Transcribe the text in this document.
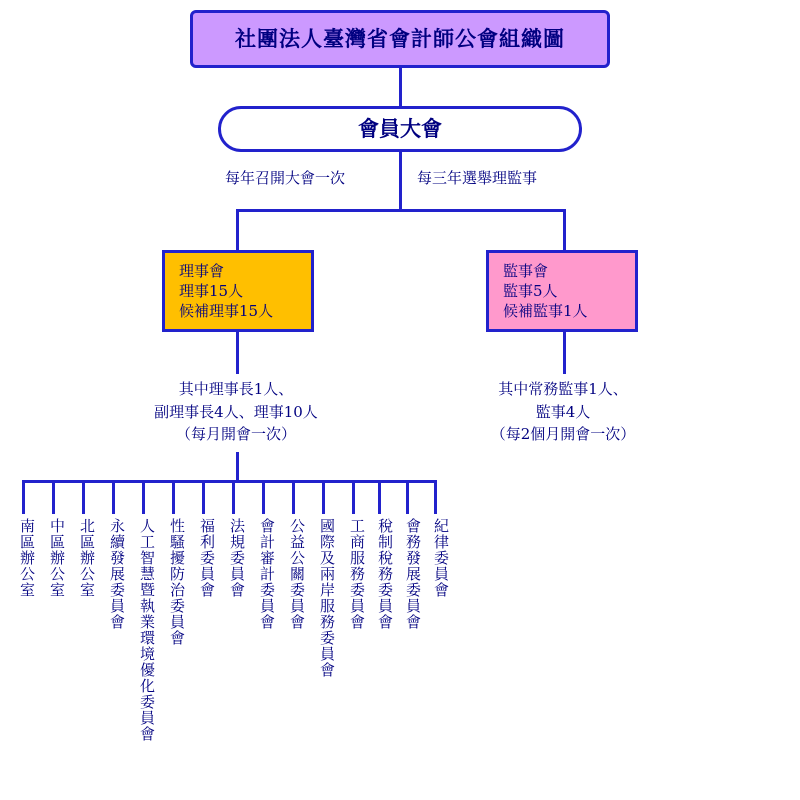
社團法人臺灣省會計師公會組織圖
會員大會
每年召開大會一次	每三年選舉理監事
理事會
理事15人
候補理事15人
監事會
監事5人
候補監事1人
其中理事長1人、
副理事長4人、理事10人
（每月開會一次）
其中常務監事1人、
監事4人
（每2個月開會一次）
南區辦公室 中區辦公室 北區辦公室 永續發展委員會 人工智慧暨執業環境優化委員會 性騷擾防治委員會 福利委員會 法規委員會 會計審計委員會 公益公關委員會 國際及兩岸服務委員會 工商服務委員會 稅制稅務委員會 會務發展委員會 紀律委員會
